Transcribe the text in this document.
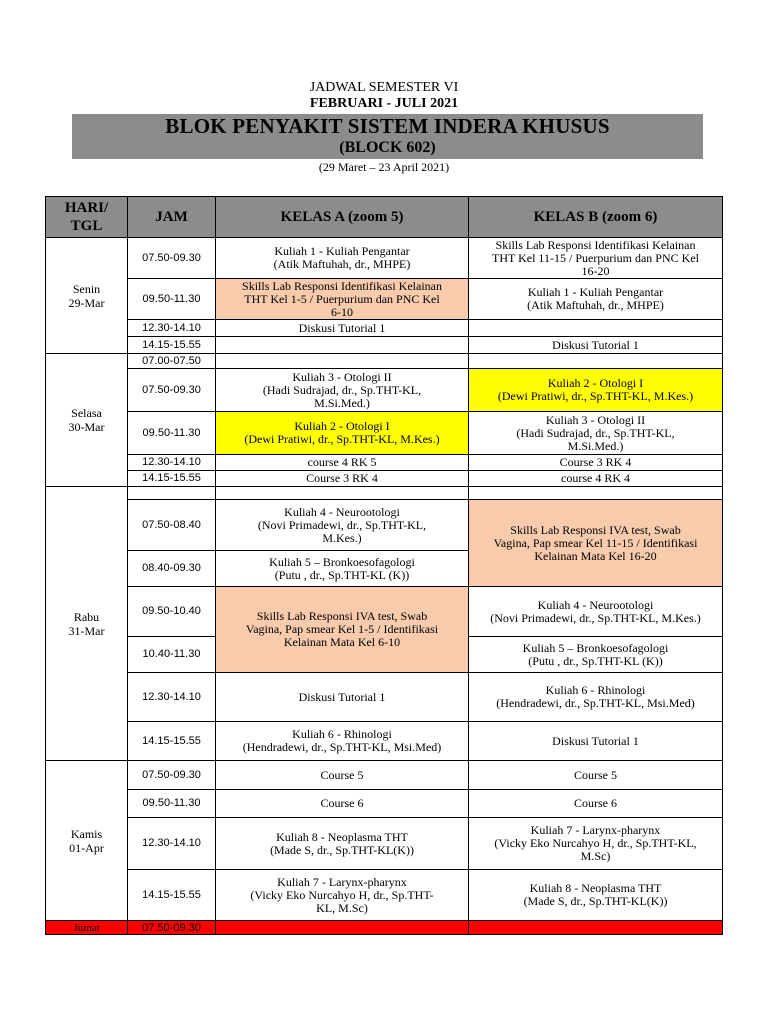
JADWAL SEMESTER VI
FEBRUARI - JULI 2021
BLOK PENYAKIT SISTEM INDERA KHUSUS
(BLOCK 602)
(29 Maret – 23 April 2021)
HARI/
TGL	JAM	KELAS A (zoom 5)	KELAS B (zoom 6)

Senin
29-Mar	07.50-09.30	Kuliah 1 - Kuliah Pengantar
(Atik Maftuhah, dr., MHPE)	Skills Lab Responsi Identifikasi Kelainan
THT Kel 11-15 / Puerpurium dan PNC Kel
16-20

	09.50-11.30	Skills Lab Responsi Identifikasi Kelainan
THT Kel 1-5 / Puerpurium dan PNC Kel
6-10	Kuliah 1 - Kuliah Pengantar
(Atik Maftuhah, dr., MHPE)

	12.30-14.10	Diskusi Tutorial 1	
	14.15-15.55		Diskusi Tutorial 1

Selasa
30-Mar	07.00-07.50		
	07.50-09.30	Kuliah 3 - Otologi II
(Hadi Sudrajad, dr., Sp.THT-KL,
M.Si.Med.)	Kuliah 2 - Otologi I
(Dewi Pratiwi, dr., Sp.THT-KL, M.Kes.)

	09.50-11.30	Kuliah 2 - Otologi I
(Dewi Pratiwi, dr., Sp.THT-KL, M.Kes.)	Kuliah 3 - Otologi II
(Hadi Sudrajad, dr., Sp.THT-KL,
M.Si.Med.)

	12.30-14.10	course 4 RK 5	Course 3 RK 4
	14.15-15.55	Course 3 RK 4	course 4 RK 4

Rabu
31-Mar			

	07.50-08.40	Kuliah 4 - Neurootologi
(Novi Primadewi, dr., Sp.THT-KL,
M.Kes.)	Skills Lab Responsi IVA test, Swab
Vagina, Pap smear Kel 11-15 / Identifikasi
Kelainan Mata Kel 16-20

	08.40-09.30	Kuliah 5 – Bronkoesofagologi
(Putu , dr., Sp.THT-KL (K))	

	09.50-10.40	Skills Lab Responsi IVA test, Swab
Vagina, Pap smear Kel 1-5 / Identifikasi
Kelainan Mata Kel 6-10	Kuliah 4 - Neurootologi
(Novi Primadewi, dr., Sp.THT-KL, M.Kes.)

	10.40-11.30		Kuliah 5 – Bronkoesofagologi
(Putu , dr., Sp.THT-KL (K))

	12.30-14.10	Diskusi Tutorial 1	Kuliah 6 - Rhinologi
(Hendradewi, dr., Sp.THT-KL, Msi.Med)

	14.15-15.55	Kuliah 6 - Rhinologi
(Hendradewi, dr., Sp.THT-KL, Msi.Med)	Diskusi Tutorial 1

Kamis
01-Apr	07.50-09.30	Course 5	Course 5
	09.50-11.30	Course 6	Course 6
	12.30-14.10	Kuliah 8 - Neoplasma THT
(Made S, dr., Sp.THT-KL(K))	Kuliah 7 - Larynx-pharynx
(Vicky Eko Nurcahyo H, dr., Sp.THT-KL,
M.Sc)

	14.15-15.55	Kuliah 7 - Larynx-pharynx
(Vicky Eko Nurcahyo H, dr., Sp.THT-
KL, M.Sc)	Kuliah 8 - Neoplasma THT
(Made S, dr., Sp.THT-KL(K))

Jumat	07.50-09.30		
